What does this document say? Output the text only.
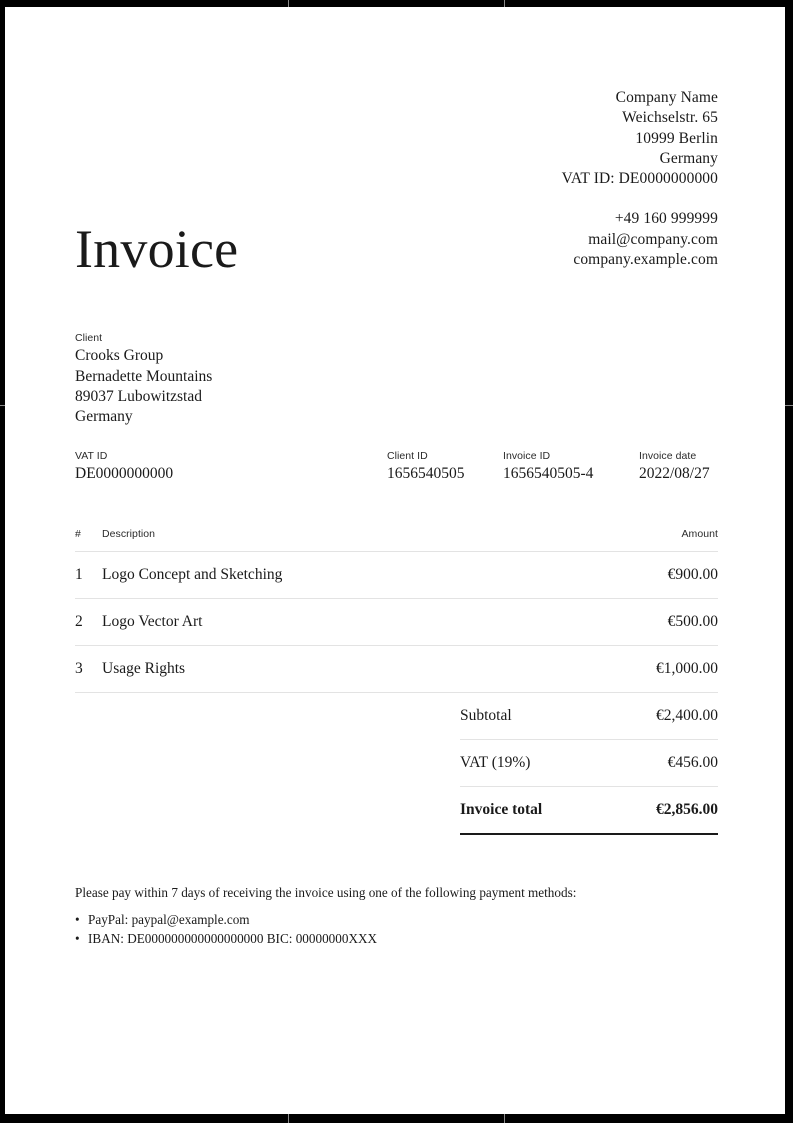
Company Name
Weichselstr. 65
10999 Berlin
Germany
VAT ID: DE0000000000
+49 160 999999
mail@company.com
company.example.com
Invoice
Client
Crooks Group
Bernadette Mountains
89037 Lubowitzstad
Germany
VAT ID
DE0000000000
Client ID
1656540505
Invoice ID
1656540505-4
Invoice date
2022/08/27
#	Description	Amount
1	Logo Concept and Sketching	€900.00
2	Logo Vector Art	€500.00
3	Usage Rights	€1,000.00
Subtotal	€2,400.00
VAT (19%)	€456.00
Invoice total	€2,856.00
Please pay within 7 days of receiving the invoice using one of the following payment methods:
• PayPal: paypal@example.com
• IBAN: DE000000000000000000 BIC: 00000000XXX
